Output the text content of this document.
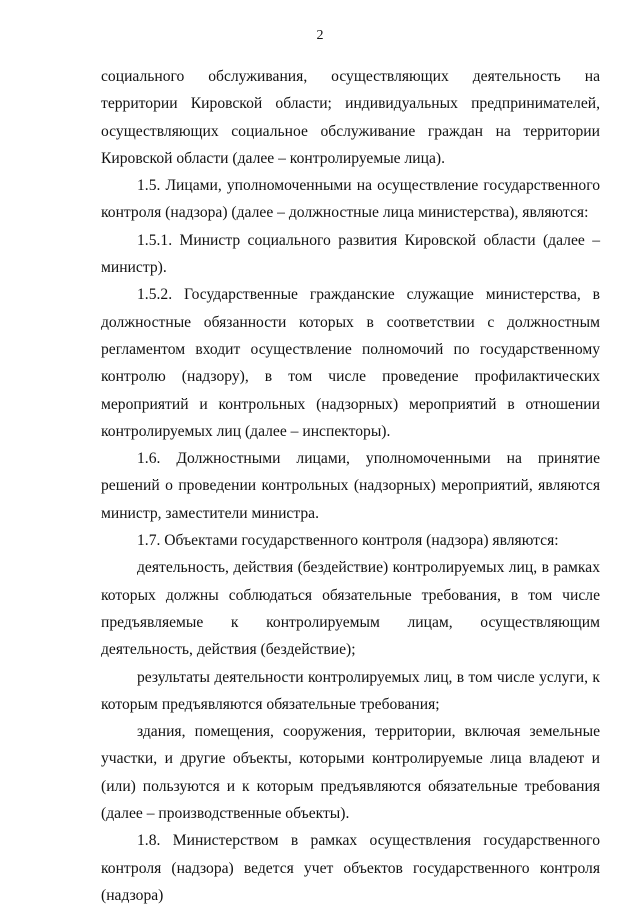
2

социального обслуживания, осуществляющих деятельность на территории Кировской области; индивидуальных предпринимателей, осуществляющих социальное обслуживание граждан на территории Кировской области (далее – контролируемые лица).

1.5. Лицами, уполномоченными на осуществление государственного контроля (надзора) (далее – должностные лица министерства), являются:

1.5.1. Министр социального развития Кировской области (далее – министр).

1.5.2. Государственные гражданские служащие министерства, в должностные обязанности которых в соответствии с должностным регламентом входит осуществление полномочий по государственному контролю (надзору), в том числе проведение профилактических мероприятий и контрольных (надзорных) мероприятий в отношении контролируемых лиц (далее – инспекторы).

1.6. Должностными лицами, уполномоченными на принятие решений о проведении контрольных (надзорных) мероприятий, являются министр, заместители министра.

1.7. Объектами государственного контроля (надзора) являются:

деятельность, действия (бездействие) контролируемых лиц, в рамках которых должны соблюдаться обязательные требования, в том числе предъявляемые к контролируемым лицам, осуществляющим деятельность, действия (бездействие);

результаты деятельности контролируемых лиц, в том числе услуги, к которым предъявляются обязательные требования;

здания, помещения, сооружения, территории, включая земельные участки, и другие объекты, которыми контролируемые лица владеют и (или) пользуются и к которым предъявляются обязательные требования (далее – производственные объекты).

1.8. Министерством в рамках осуществления государственного контроля (надзора) ведется учет объектов государственного контроля (надзора)
